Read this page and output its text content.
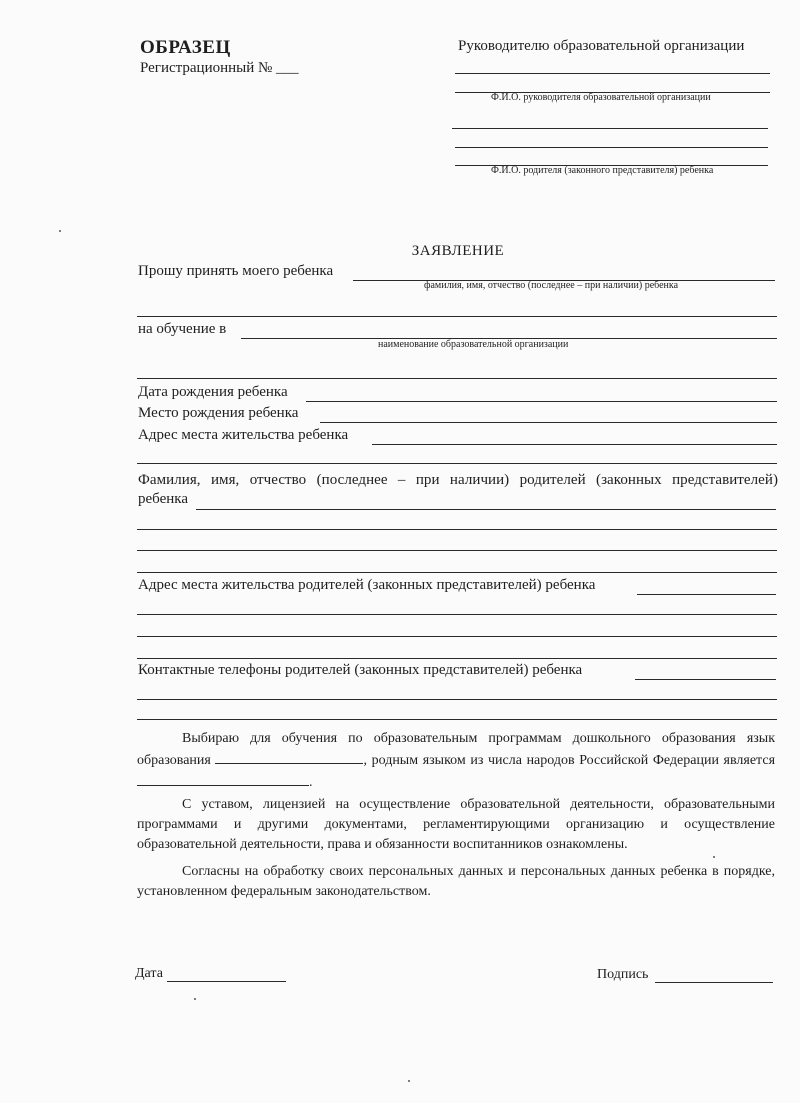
ОБРАЗЕЦ
Регистрационный № ___
Руководителю образовательной организации
Ф.И.О. руководителя образовательной организации
Ф.И.О. родителя (законного представителя) ребенка
ЗАЯВЛЕНИЕ
Прошу принять моего ребенка
фамилия, имя, отчество (последнее – при наличии) ребенка
на обучение в
наименование образовательной организации
Дата рождения ребенка
Место рождения ребенка
Адрес места жительства ребенка
Фамилия, имя, отчество (последнее – при наличии) родителей (законных представителей)
ребенка
Адрес места жительства родителей (законных представителей) ребенка
Контактные телефоны родителей (законных представителей) ребенка
Выбираю для обучения по образовательным программам дошкольного образования язык образования	, родным языком из числа народов Российской Федерации является .
С уставом, лицензией на осуществление образовательной деятельности, образовательными программами и другими документами, регламентирующими организацию и осуществление образовательной деятельности, права и обязанности воспитанников ознакомлены.
Согласны на обработку своих персональных данных и персональных данных ребенка в порядке, установленном федеральным законодательством.
Дата	Подпись
